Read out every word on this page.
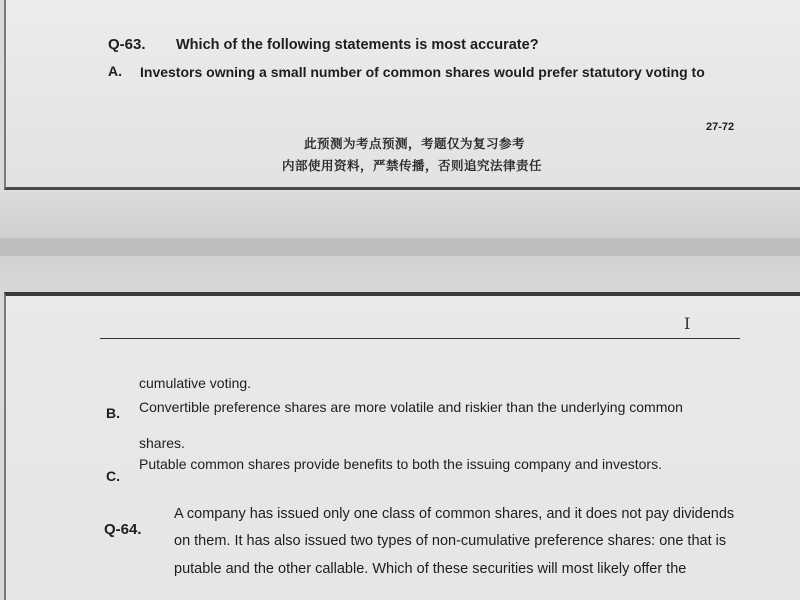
Q-63. Which of the following statements is most accurate?
A. Investors owning a small number of common shares would prefer statutory voting to
27-72
此预测为考点预测，考题仅为复习参考
内部使用资料，严禁传播，否则追究法律责任
I
cumulative voting.
B. Convertible preference shares are more volatile and riskier than the underlying common
shares.
C.
Putable common shares provide benefits to both the issuing company and investors.
Q-64.
A company has issued only one class of common shares, and it does not pay dividends
on them. It has also issued two types of non-cumulative preference shares: one that is
putable and the other callable. Which of these securities will most likely offer the
